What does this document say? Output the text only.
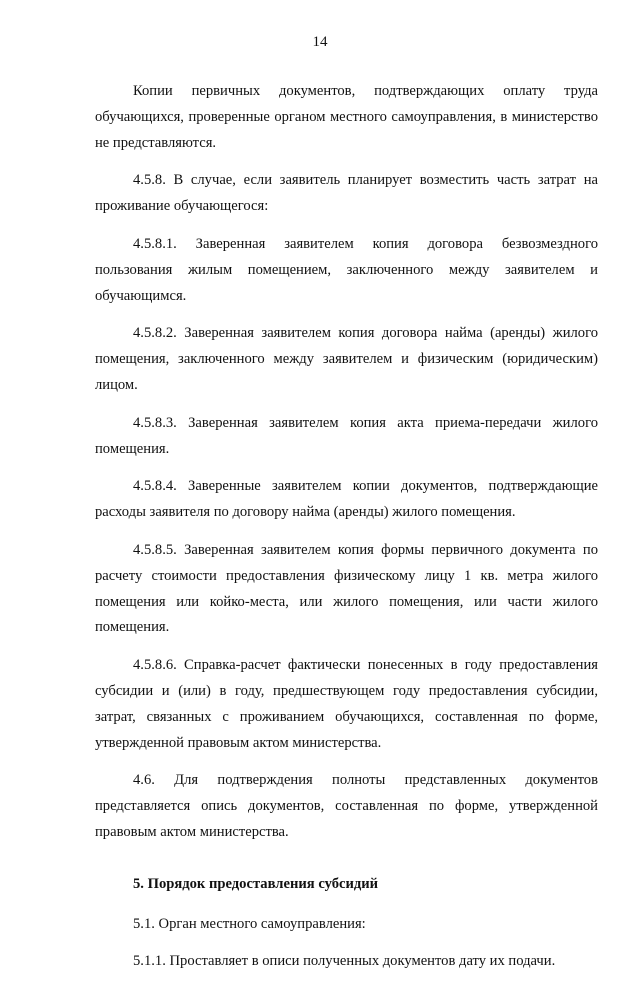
14

Копии первичных документов, подтверждающих оплату труда обучающихся, проверенные органом местного самоуправления, в министерство не представляются.

4.5.8. В случае, если заявитель планирует возместить часть затрат на проживание обучающегося:

4.5.8.1. Заверенная заявителем копия договора безвозмездного пользования жилым помещением, заключенного между заявителем и обучающимся.

4.5.8.2. Заверенная заявителем копия договора найма (аренды) жилого помещения, заключенного между заявителем и физическим (юридическим) лицом.

4.5.8.3. Заверенная заявителем копия акта приема-передачи жилого помещения.

4.5.8.4. Заверенные заявителем копии документов, подтверждающие расходы заявителя по договору найма (аренды) жилого помещения.

4.5.8.5. Заверенная заявителем копия формы первичного документа по расчету стоимости предоставления физическому лицу 1 кв. метра жилого помещения или койко-места, или жилого помещения, или части жилого помещения.

4.5.8.6. Справка-расчет фактически понесенных в году предоставления субсидии и (или) в году, предшествующем году предоставления субсидии, затрат, связанных с проживанием обучающихся, составленная по форме, утвержденной правовым актом министерства.

4.6. Для подтверждения полноты представленных документов представляется опись документов, составленная по форме, утвержденной правовым актом министерства.

5. Порядок предоставления субсидий

5.1. Орган местного самоуправления:

5.1.1. Проставляет в описи полученных документов дату их подачи.
